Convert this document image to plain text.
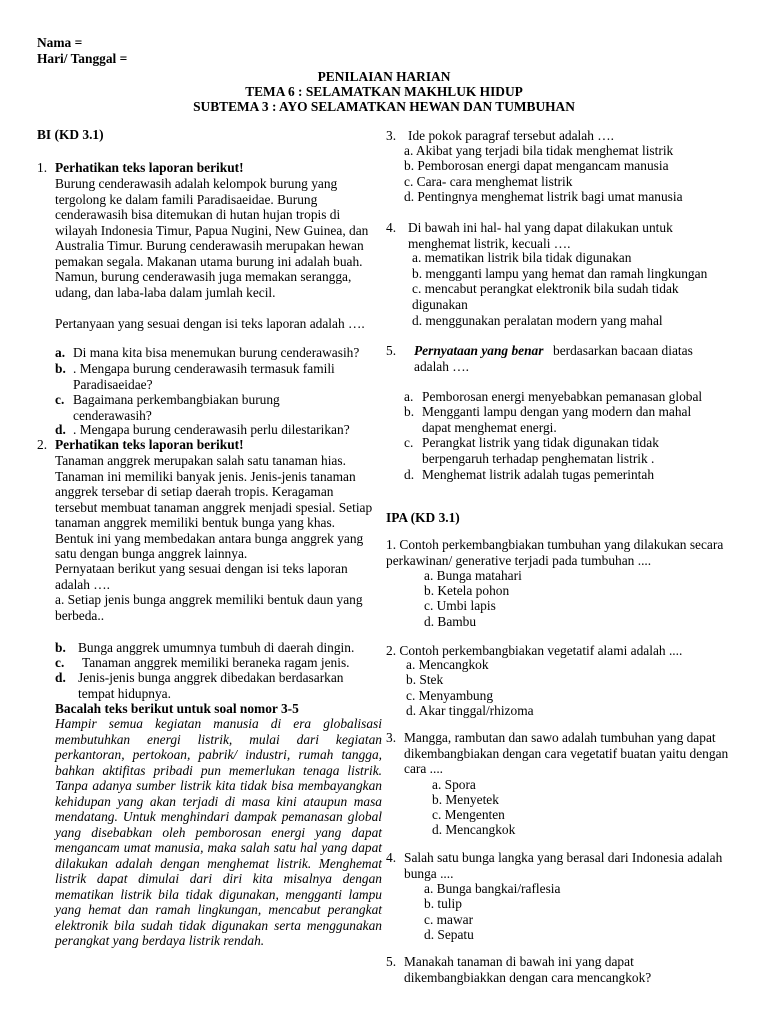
Nama =
Hari/ Tanggal =
PENILAIAN HARIAN
TEMA 6 : SELAMATKAN MAKHLUK HIDUP
SUBTEMA 3 : AYO SELAMATKAN HEWAN DAN TUMBUHAN
BI (KD 3.1)
1. Perhatikan teks laporan berikut!
Burung cenderawasih adalah kelompok burung yang tergolong ke dalam famili Paradisaeidae. Burung cenderawasih bisa ditemukan di hutan hujan tropis di wilayah Indonesia Timur, Papua Nugini, New Guinea, dan Australia Timur. Burung cenderawasih merupakan hewan pemakan segala. Makanan utama burung ini adalah buah. Namun, burung cenderawasih juga memakan serangga, udang, dan laba-laba dalam jumlah kecil.
Pertanyaan yang sesuai dengan isi teks laporan adalah ….
a. Di mana kita bisa menemukan burung cenderawasih?
b. . Mengapa burung cenderawasih termasuk famili Paradisaeidae?
c. Bagaimana perkembangbiakan burung cenderawasih?
d. . Mengapa burung cenderawasih perlu dilestarikan?
2. Perhatikan teks laporan berikut!
Tanaman anggrek merupakan salah satu tanaman hias. Tanaman ini memiliki banyak jenis. Jenis-jenis tanaman anggrek tersebar di setiap daerah tropis. Keragaman tersebut membuat tanaman anggrek menjadi spesial. Setiap tanaman anggrek memiliki bentuk bunga yang khas. Bentuk ini yang membedakan antara bunga anggrek yang satu dengan bunga anggrek lainnya.
Pernyataan berikut yang sesuai dengan isi teks laporan adalah ….
a. Setiap jenis bunga anggrek memiliki bentuk daun yang berbeda..
b. Bunga anggrek umumnya tumbuh di daerah dingin.
c. Tanaman anggrek memiliki beraneka ragam jenis.
d. Jenis-jenis bunga anggrek dibedakan berdasarkan tempat hidupnya.
Bacalah teks berikut untuk soal nomor 3-5
Hampir semua kegiatan manusia di era globalisasi membutuhkan energi listrik, mulai dari kegiatan perkantoran, pertokoan, pabrik/ industri, rumah tangga, bahkan aktifitas pribadi pun memerlukan tenaga listrik. Tanpa adanya sumber listrik kita tidak bisa membayangkan kehidupan yang akan terjadi di masa kini ataupun masa mendatang. Untuk menghindari dampak pemanasan global yang disebabkan oleh pemborosan energi yang dapat mengancam umat manusia, maka salah satu hal yang dapat dilakukan adalah dengan menghemat listrik. Menghemat listrik dapat dimulai dari diri kita misalnya dengan mematikan listrik bila tidak digunakan, mengganti lampu yang hemat dan ramah lingkungan, mencabut perangkat elektronik bila sudah tidak digunakan serta menggunakan perangkat yang berdaya listrik rendah.
3. Ide pokok paragraf tersebut adalah ….
a. Akibat yang terjadi bila tidak menghemat listrik
b. Pemborosan energi dapat mengancam manusia
c. Cara- cara menghemat listrik
d. Pentingnya menghemat listrik bagi umat manusia
4. Di bawah ini hal- hal yang dapat dilakukan untuk menghemat listrik, kecuali ….
a. mematikan listrik bila tidak digunakan
b. mengganti lampu yang hemat dan ramah lingkungan
c. mencabut perangkat elektronik bila sudah tidak digunakan
d. menggunakan peralatan modern yang mahal
5. Pernyataan yang benar berdasarkan bacaan diatas
adalah ….
a. Pemborosan energi menyebabkan pemanasan global
b. Mengganti lampu dengan yang modern dan mahal dapat menghemat energi.
c. Perangkat listrik yang tidak digunakan tidak berpengaruh terhadap penghematan listrik .
d. Menghemat listrik adalah tugas pemerintah
IPA (KD 3.1)
1. Contoh perkembangbiakan tumbuhan yang dilakukan secara perkawinan/ generative terjadi pada tumbuhan ....
a. Bunga matahari
b. Ketela pohon
c. Umbi lapis
d. Bambu
2. Contoh perkembangbiakan vegetatif alami adalah ....
a. Mencangkok
b. Stek
c. Menyambung
d. Akar tinggal/rhizoma
3. Mangga, rambutan dan sawo adalah tumbuhan yang dapat dikembangbiakan dengan cara vegetatif buatan yaitu dengan cara ....
a. Spora
b. Menyetek
c. Mengenten
d. Mencangkok
4. Salah satu bunga langka yang berasal dari Indonesia adalah bunga ....
a. Bunga bangkai/raflesia
b. tulip
c. mawar
d. Sepatu
5. Manakah tanaman di bawah ini yang dapat dikembangbiakkan dengan cara mencangkok?
